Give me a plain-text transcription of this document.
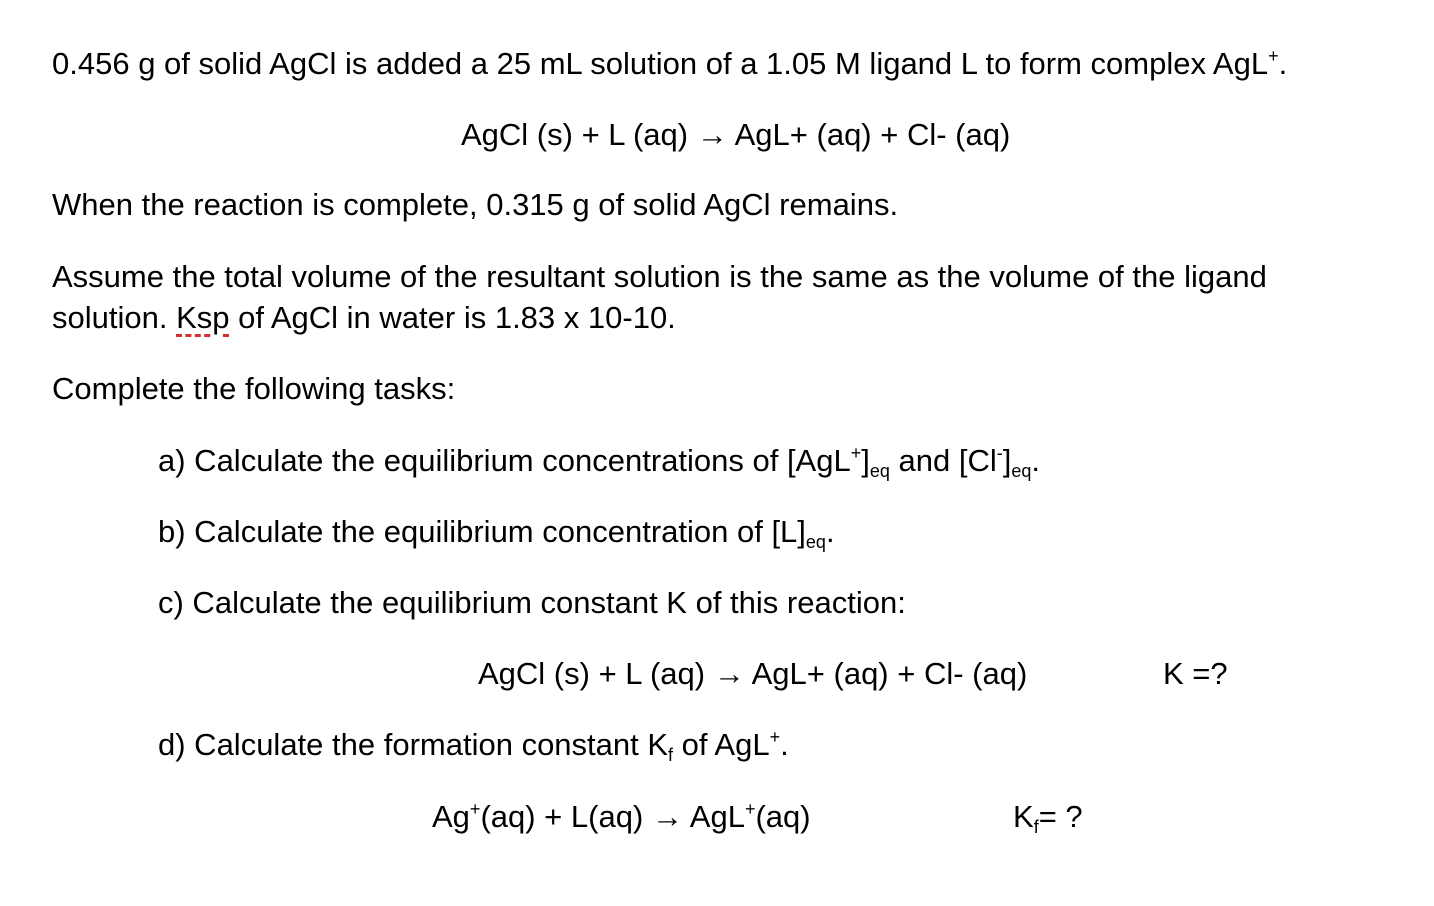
0.456 g of solid AgCl is added a 25 mL solution of a 1.05 M ligand L to form complex AgL+.
AgCl (s) + L (aq) → AgL+ (aq) + Cl- (aq)
When the reaction is complete, 0.315 g of solid AgCl remains.
Assume the total volume of the resultant solution is the same as the volume of the ligand
solution. Ksp of AgCl in water is 1.83 x 10-10.
Complete the following tasks:
a) Calculate the equilibrium concentrations of $[AgL^+]_{eq}$ and $[Cl^-]_{eq}$.
b) Calculate the equilibrium concentration of $[L]_{eq}$.
c) Calculate the equilibrium constant K of this reaction:
AgCl (s) + L (aq) → AgL+ (aq) + Cl- (aq)	K =?
d) Calculate the formation constant $K_f$ of AgL+.
Ag+(aq) + L(aq) → AgL+(aq)	$K_f=$ ?
